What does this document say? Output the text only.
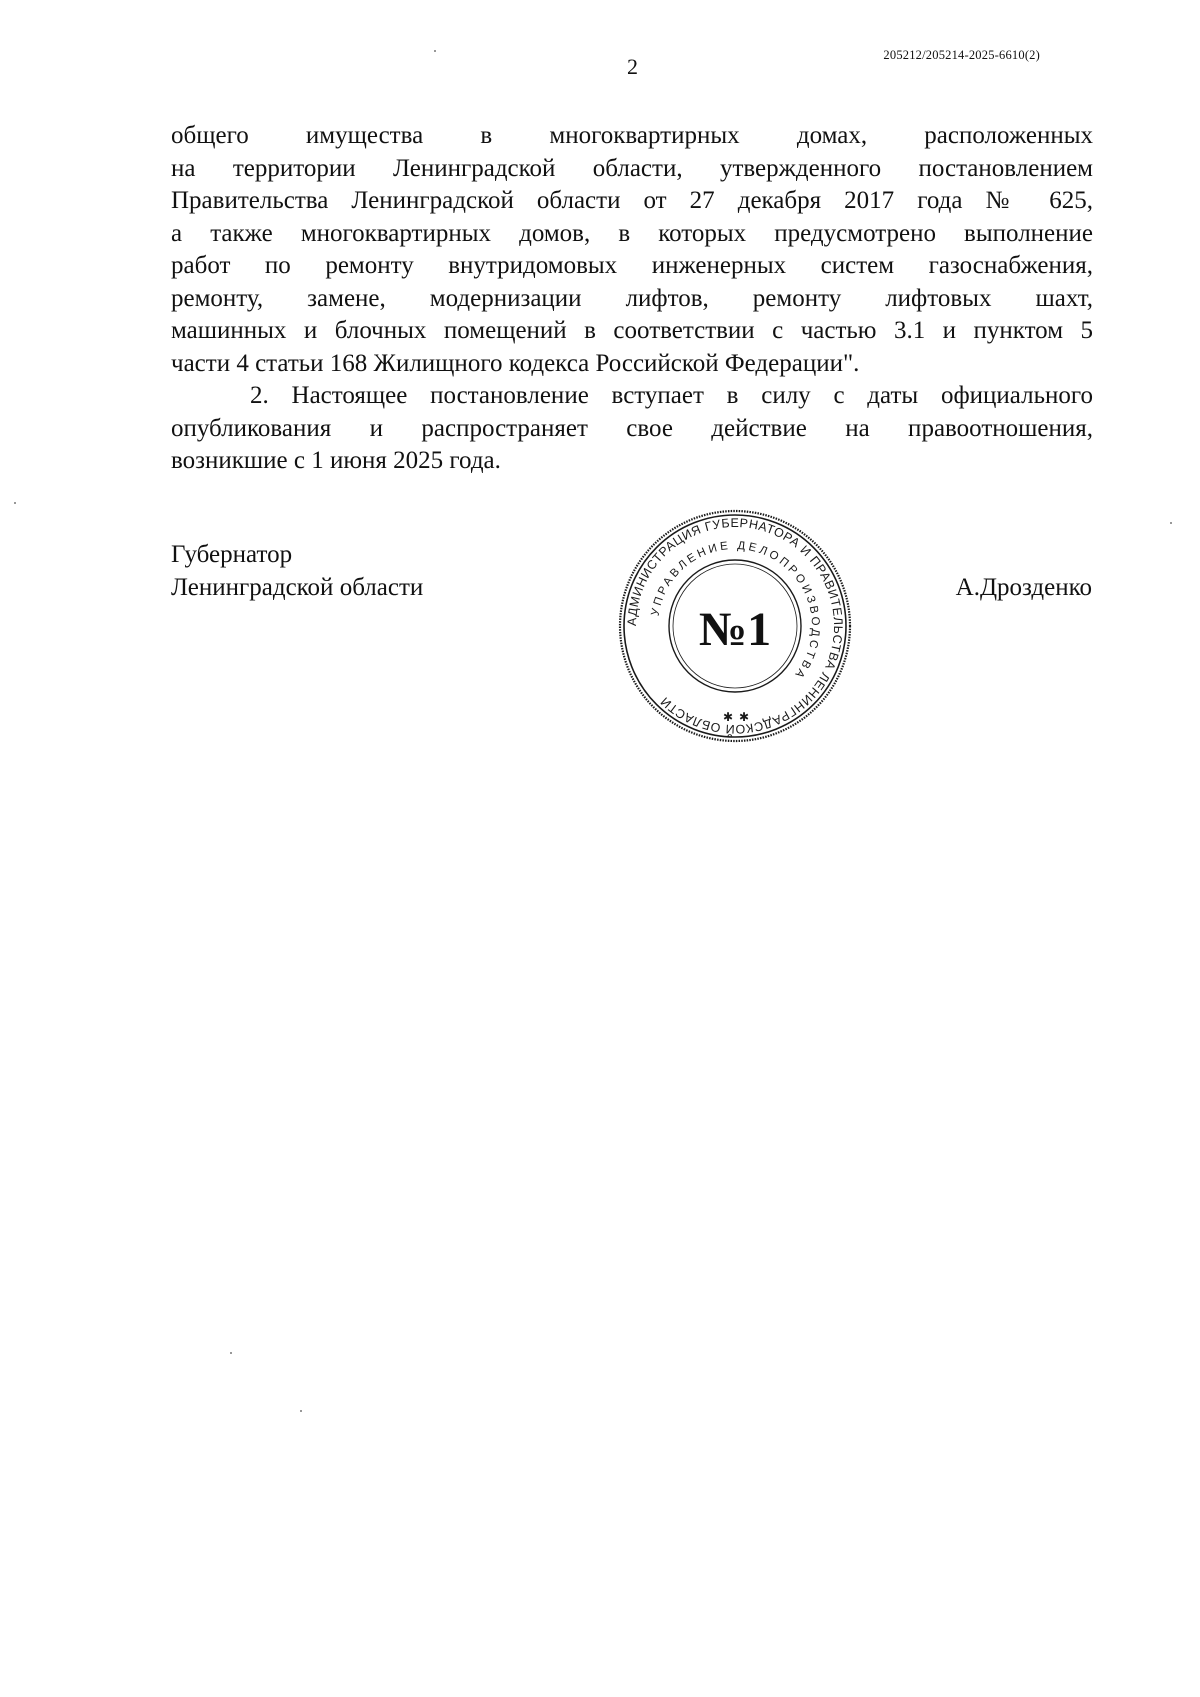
2	205212/205214-2025-6610(2)

общего имущества в многоквартирных домах, расположенных
на территории Ленинградской области, утвержденного постановлением
Правительства Ленинградской области от 27 декабря 2017 года № 625,
а также многоквартирных домов, в которых предусмотрено выполнение
работ по ремонту внутридомовых инженерных систем газоснабжения,
ремонту, замене, модернизации лифтов, ремонту лифтовых шахт,
машинных и блочных помещений в соответствии с частью 3.1 и пунктом 5
части 4 статьи 168 Жилищного кодекса Российской Федерации".

2. Настоящее постановление вступает в силу с даты официального
опубликования и распространяет свое действие на правоотношения,
возникшие с 1 июня 2025 года.

Губернатор
Ленинградской области	А.Дрозденко
АДМИНИСТРАЦИЯ ГУБЕРНАТОРА И ПРАВИТЕЛЬСТВА ЛЕНИНГРАДСКОЙ ОБЛАСТИ
УПРАВЛЕНИЕ ДЕЛОПРОИЗВОДСТВА
№1
✱ ✱
